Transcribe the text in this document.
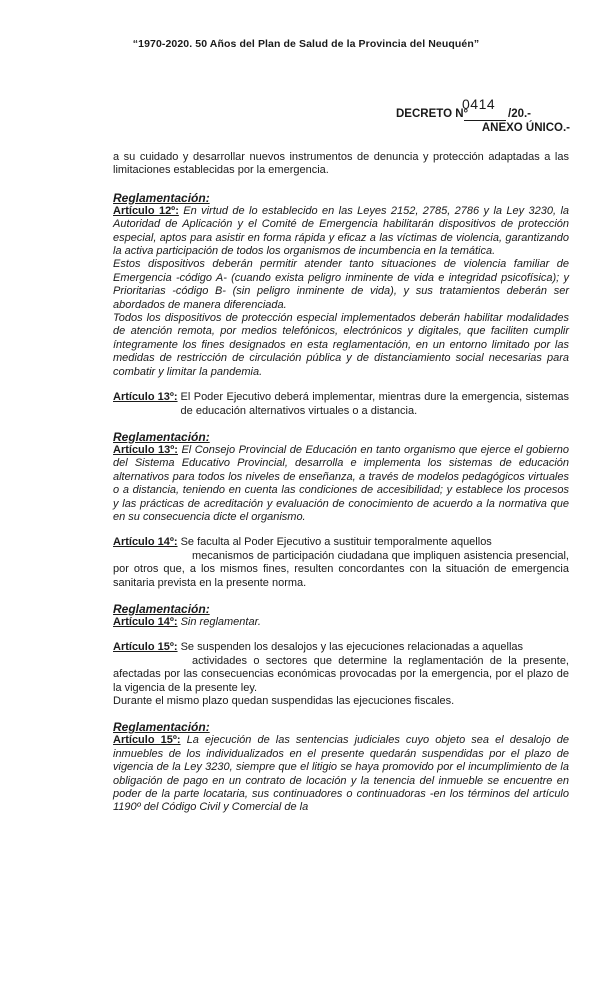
“1970-2020. 50 Años del Plan de Salud de la Provincia del Neuquén”
DECRETO N°
0414
/20.-
ANEXO ÚNICO.-

a su cuidado y desarrollar nuevos instrumentos de denuncia y protección adaptadas a las limitaciones establecidas por la emergencia.

Reglamentación:

Artículo 12º: En virtud de lo establecido en las Leyes 2152, 2785, 2786 y la Ley 3230, la Autoridad de Aplicación y el Comité de Emergencia habilitarán dispositivos de protección especial, aptos para asistir en forma rápida y eficaz a las víctimas de violencia, garantizando la activa participación de todos los organismos de incumbencia en la temática.

Estos dispositivos deberán permitir atender tanto situaciones de violencia familiar de Emergencia -código A- (cuando exista peligro inminente de vida e integridad psicofísica); y Prioritarias -código B- (sin peligro inminente de vida), y sus tratamientos deberán ser abordados de manera diferenciada.

Todos los dispositivos de protección especial implementados deberán habilitar modalidades de atención remota, por medios telefónicos, electrónicos y digitales, que faciliten cumplir íntegramente los fines designados en esta reglamentación, en un entorno limitado por las medidas de restricción de circulación pública y de distanciamiento social necesarias para combatir y limitar la pandemia.

Artículo 13º: El Poder Ejecutivo deberá implementar, mientras dure la emergencia, sistemas de educación alternativos virtuales o a distancia.

Reglamentación:

Artículo 13º: El Consejo Provincial de Educación en tanto organismo que ejerce el gobierno del Sistema Educativo Provincial, desarrolla e implementa los sistemas de educación alternativos para todos los niveles de enseñanza, a través de modelos pedagógicos virtuales o a distancia, teniendo en cuenta las condiciones de accesibilidad; y establece los procesos y las prácticas de acreditación y evaluación de conocimiento de acuerdo a la normativa que en su consecuencia dicte el organismo.

Artículo 14º: Se faculta al Poder Ejecutivo a sustituir temporalmente aquellos

mecanismos de participación ciudadana que impliquen asistencia presencial, por otros que, a los mismos fines, resulten concordantes con la situación de emergencia sanitaria prevista en la presente norma.

Reglamentación:

Artículo 14º: Sin reglamentar.

Artículo 15º: Se suspenden los desalojos y las ejecuciones relacionadas a aquellas

actividades o sectores que determine la reglamentación de la presente, afectadas por las consecuencias económicas provocadas por la emergencia, por el plazo de la vigencia de la presente ley.

Durante el mismo plazo quedan suspendidas las ejecuciones fiscales.

Reglamentación:

Artículo 15º: La ejecución de las sentencias judiciales cuyo objeto sea el desalojo de inmuebles de los individualizados en el presente quedarán suspendidas por el plazo de vigencia de la Ley 3230, siempre que el litigio se haya promovido por el incumplimiento de la obligación de pago en un contrato de locación y la tenencia del inmueble se encuentre en poder de la parte locataria, sus continuadores o continuadoras -en los términos del artículo 1190º del Código Civil y Comercial de la
